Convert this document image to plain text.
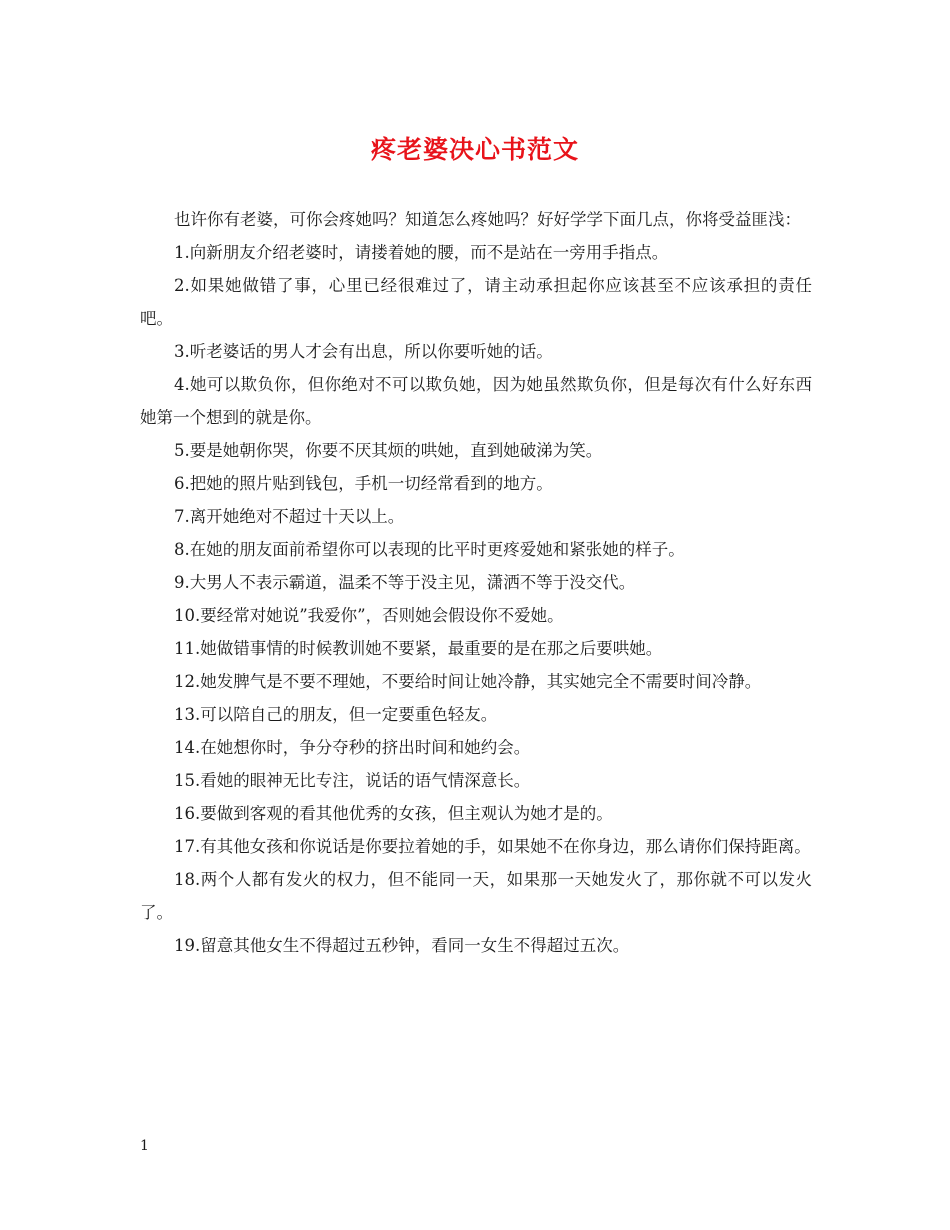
疼老婆决心书范文

也许你有老婆，可你会疼她吗？知道怎么疼她吗？好好学学下面几点，你将受益匪浅：

1.向新朋友介绍老婆时，请搂着她的腰，而不是站在一旁用手指点。

2.如果她做错了事，心里已经很难过了，请主动承担起你应该甚至不应该承担的责任吧。

3.听老婆话的男人才会有出息，所以你要听她的话。

4.她可以欺负你，但你绝对不可以欺负她，因为她虽然欺负你，但是每次有什么好东西她第一个想到的就是你。

5.要是她朝你哭，你要不厌其烦的哄她，直到她破涕为笑。

6.把她的照片贴到钱包，手机一切经常看到的地方。

7.离开她绝对不超过十天以上。

8.在她的朋友面前希望你可以表现的比平时更疼爱她和紧张她的样子。

9.大男人不表示霸道，温柔不等于没主见，潇洒不等于没交代。

10.要经常对她说”我爱你”，否则她会假设你不爱她。

11.她做错事情的时候教训她不要紧，最重要的是在那之后要哄她。

12.她发脾气是不要不理她，不要给时间让她冷静，其实她完全不需要时间冷静。

13.可以陪自己的朋友，但一定要重色轻友。

14.在她想你时，争分夺秒的挤出时间和她约会。

15.看她的眼神无比专注，说话的语气情深意长。

16.要做到客观的看其他优秀的女孩，但主观认为她才是的。

17.有其他女孩和你说话是你要拉着她的手，如果她不在你身边，那么请你们保持距离。

18.两个人都有发火的权力，但不能同一天，如果那一天她发火了，那你就不可以发火了。

19.留意其他女生不得超过五秒钟，看同一女生不得超过五次。

1
